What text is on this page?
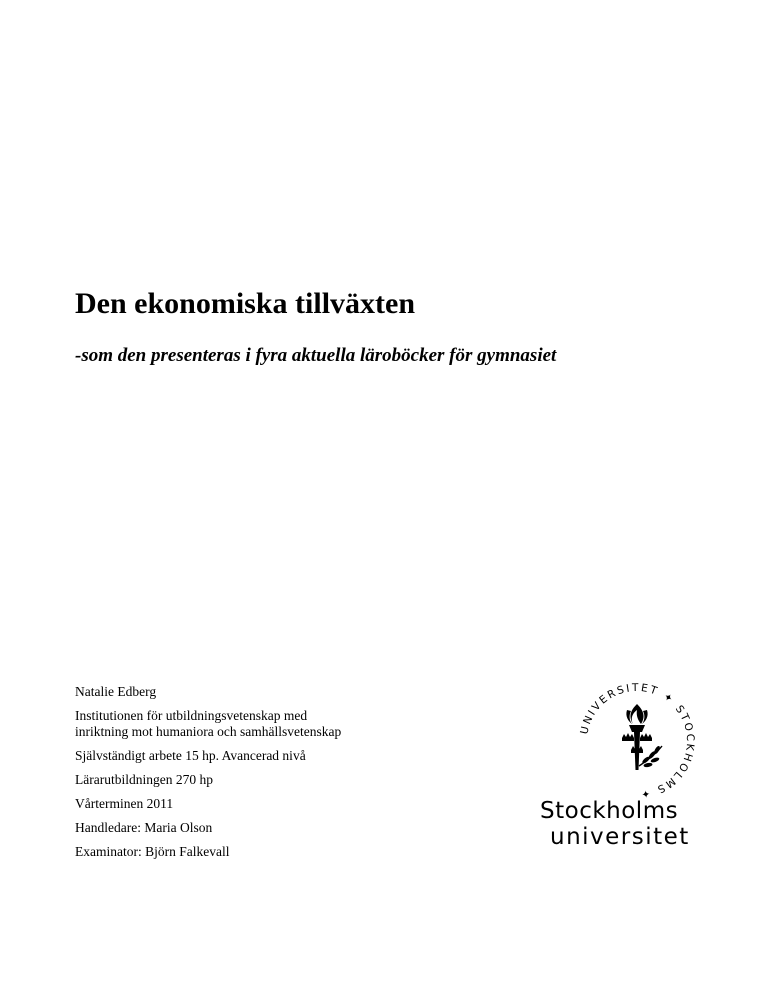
Den ekonomiska tillväxten
-som den presenteras i fyra aktuella läroböcker för gymnasiet
Natalie Edberg
Institutionen för utbildningsvetenskap med
inriktning mot humaniora och samhällsvetenskap
Självständigt arbete 15 hp. Avancerad nivå
Lärarutbildningen 270 hp
Vårterminen 2011
Handledare: Maria Olson
Examinator: Björn Falkevall
UNIVERSITET ✦ STOCKHOLMS ✦
Stockholms
universitet
